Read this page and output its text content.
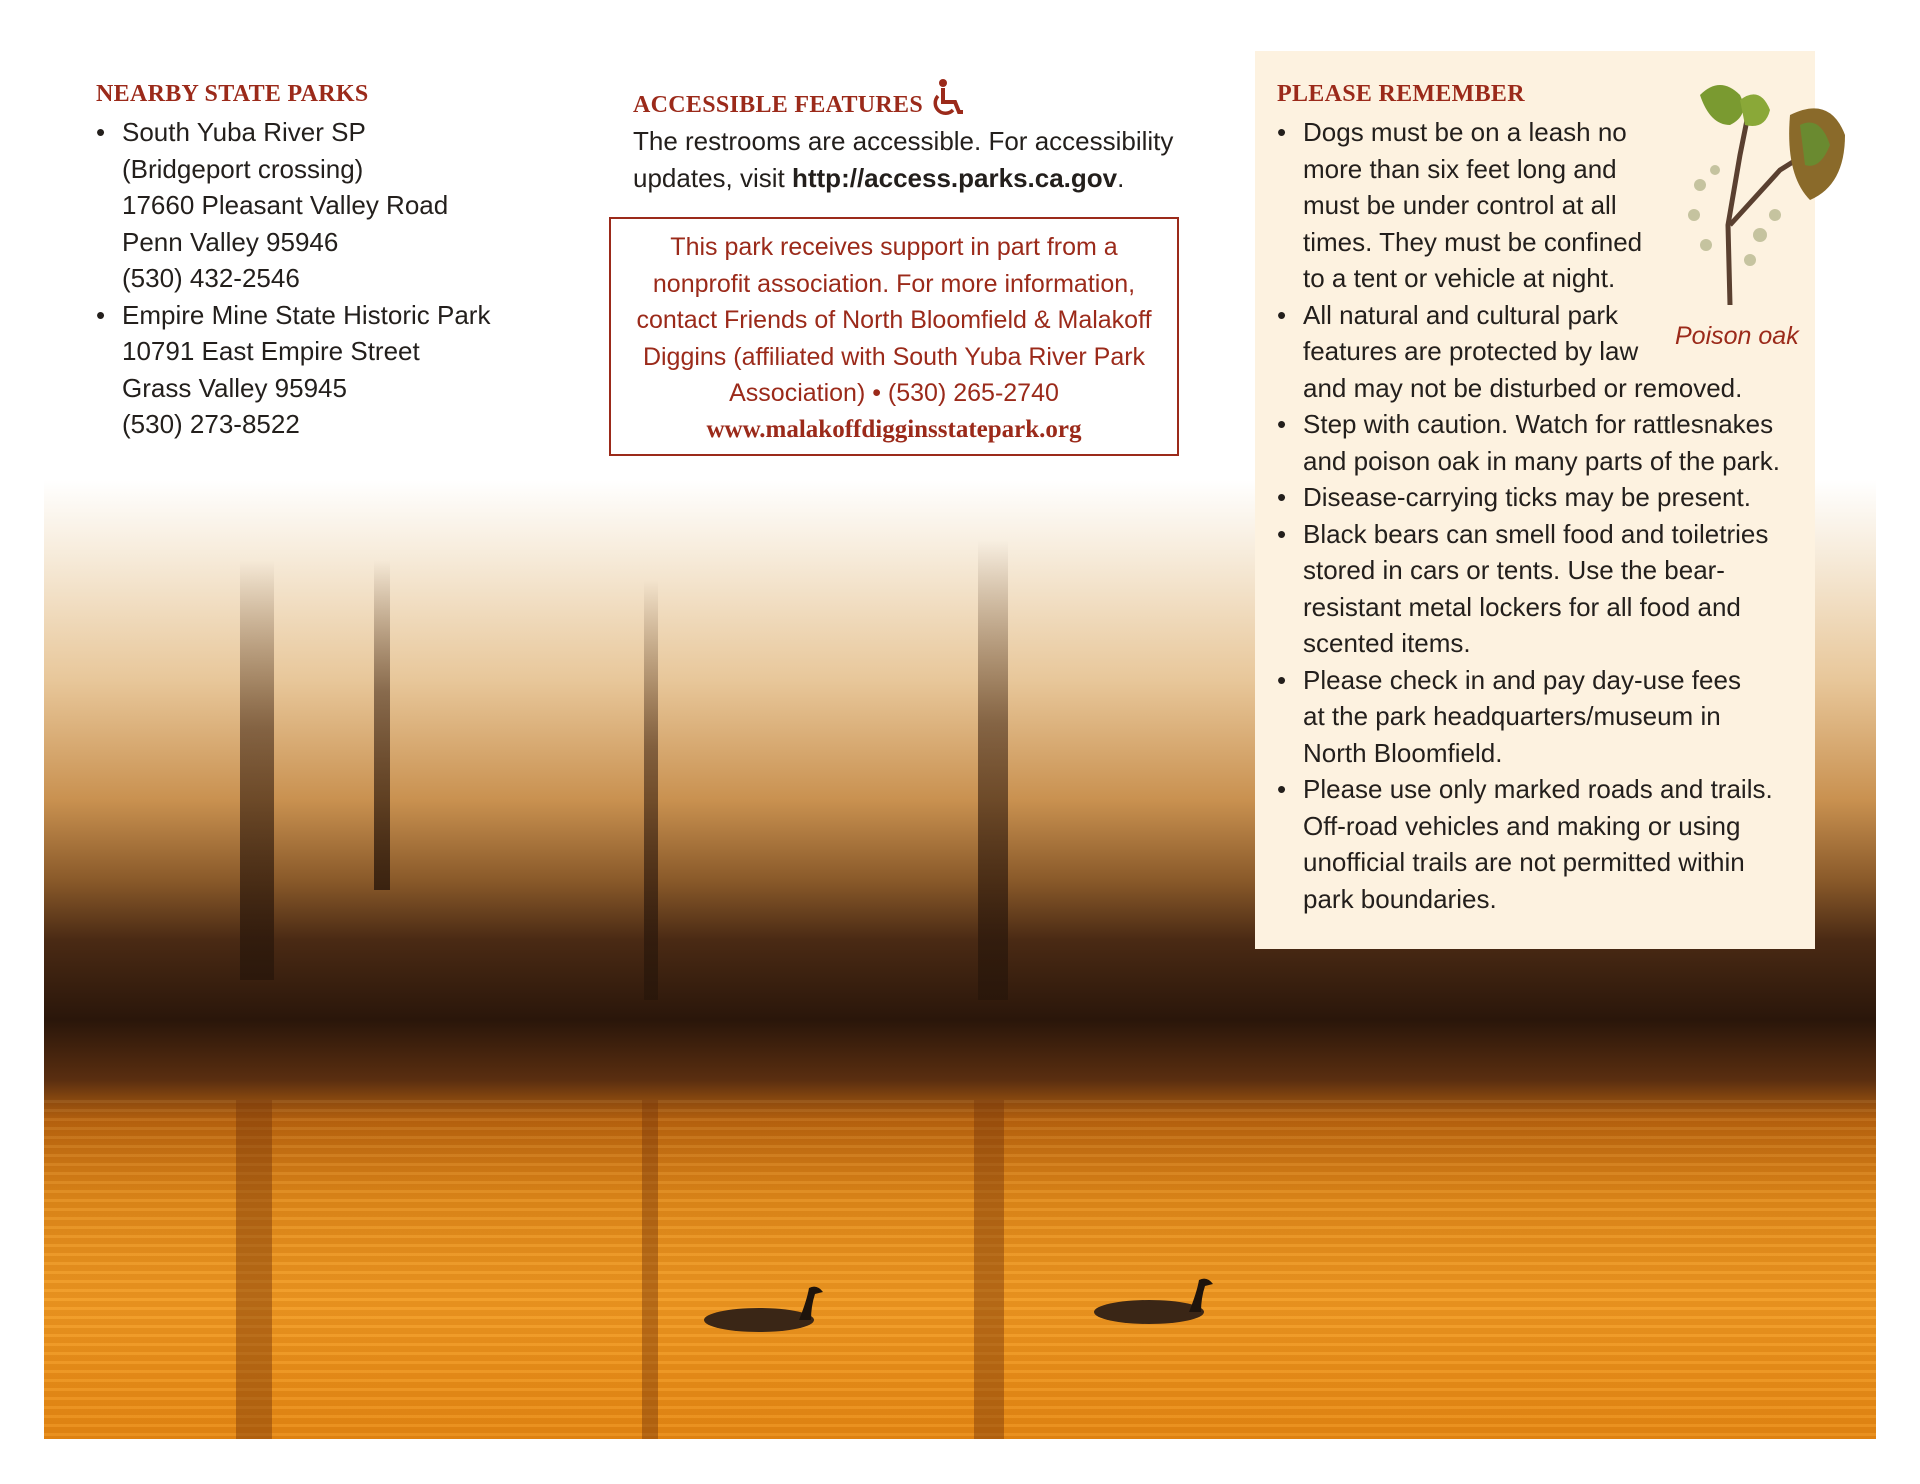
NEARBY STATE PARKS
• South Yuba River SP
(Bridgeport crossing)
17660 Pleasant Valley Road
Penn Valley 95946
(530) 432-2546
• Empire Mine State Historic Park
10791 East Empire Street
Grass Valley 95945
(530) 273-8522
ACCESSIBLE FEATURES
The restrooms are accessible. For accessibility updates, visit http://access.parks.ca.gov.
This park receives support in part from a nonprofit association. For more information, contact Friends of North Bloomfield & Malakoff Diggins (affiliated with South Yuba River Park Association) • (530) 265-2740
www.malakoffdigginsstatepark.org
PLEASE REMEMBER
• Dogs must be on a leash no more than six feet long and must be under control at all times. They must be confined to a tent or vehicle at night.
• All natural and cultural park features are protected by law and may not be disturbed or removed.
• Step with caution. Watch for rattlesnakes and poison oak in many parts of the park.
• Disease-carrying ticks may be present.
• Black bears can smell food and toiletries stored in cars or tents. Use the bear-resistant metal lockers for all food and scented items.
• Please check in and pay day-use fees at the park headquarters/museum in North Bloomfield.
• Please use only marked roads and trails. Off-road vehicles and making or using unofficial trails are not permitted within park boundaries.
Poison oak
